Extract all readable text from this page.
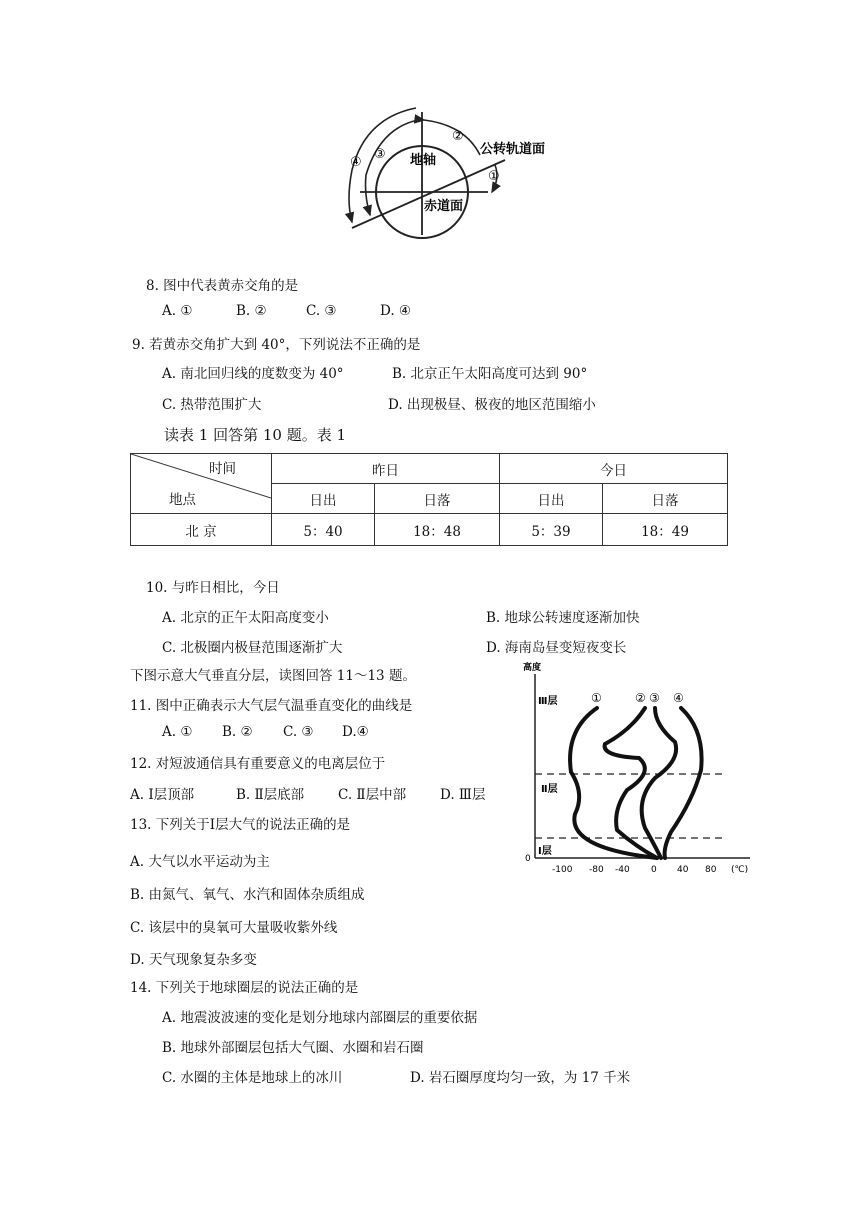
地轴
公转轨道面
赤道面
①
②
③
④
8. 图中代表黄赤交角的是
A. ①	B. ②	C. ③	D. ④
9. 若黄赤交角扩大到 40°，下列说法不正确的是
A. 南北回归线的度数变为 40°	B. 北京正午太阳高度可达到 90°
C. 热带范围扩大	D. 出现极昼、极夜的地区范围缩小
读表 1 回答第 10 题。表 1
时间
地点	昨日		今日	
	日出	日落	日出	日落
北 京	5：40	18：48	5：39	18：49
10. 与昨日相比，今日
A. 北京的正午太阳高度变小	B. 地球公转速度逐渐加快
C. 北极圈内极昼范围逐渐扩大	D. 海南岛昼变短夜变长
下图示意大气垂直分层，读图回答 11～13 题。
11. 图中正确表示大气层气温垂直变化的曲线是
A. ① B. ② C. ③ D.④
12. 对短波通信具有重要意义的电离层位于
A. Ⅰ层顶部	B. Ⅱ层底部	C. Ⅱ层中部	D. Ⅲ层
13. 下列关于Ⅰ层大气的说法正确的是
A. 大气以水平运动为主
B. 由氮气、氧气、水汽和固体杂质组成
C. 该层中的臭氧可大量吸收紫外线
D. 天气现象复杂多变
14. 下列关于地球圈层的说法正确的是
A. 地震波波速的变化是划分地球内部圈层的重要依据
B. 地球外部圈层包括大气圈、水圈和岩石圈
C. 水圈的主体是地球上的冰川	D. 岩石圈厚度均匀一致，为 17 千米
高度
Ⅲ层
Ⅱ层
Ⅰ层
0
-100 -80 -40 0 40 80 (℃)
①	② ③ ④
